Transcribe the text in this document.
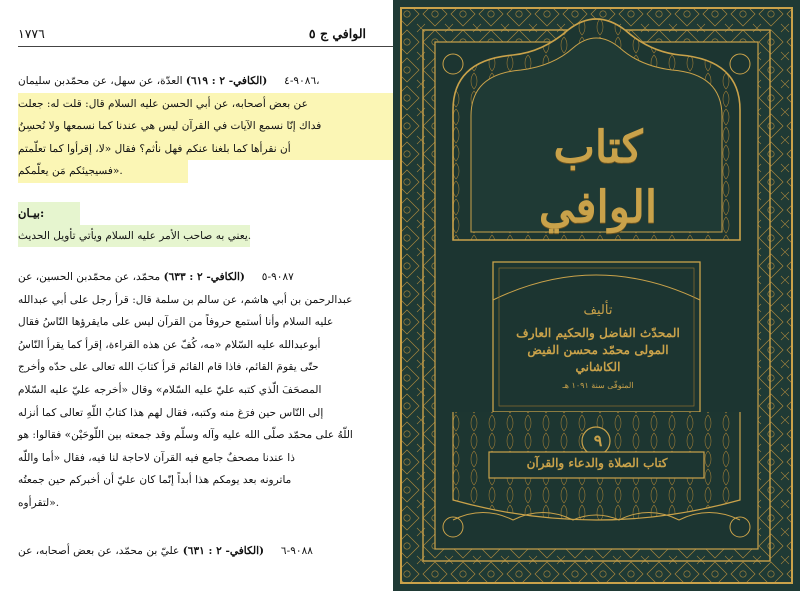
الوافي ج ٥
١٧٧٦
٩٠٨٦-٤     (الكافي- ٢ : ٦١٩) العدّة، عن سهل، عن محمّدبن سليمان،
عن بعض أصحابه، عن أبي الحسن عليه السلام قال: قلت له: جعلت
فداك إنّا نسمع الآيات في القرآن ليس هي عندنا كما نسمعها ولا نُحسِنُ
أن نقرأها كما بلغنا عنكم فهل نأثم؟ فقال «لا، إقرأوا كما تعلّمتم
فسيجيئكم مَن يعلّمكم».
بيـان:
يعني به صاحب الأمر عليه السلام ويأتي تأويل الحديث.
٩٠٨٧-٥     (الكافي- ٢ : ٦٣٣) محمّد، عن محمّدبن الحسين، عن
عبدالرحمن بن أبي هاشم، عن سالم بن سلمة قال: قرأ رجل على أبي عبدالله
عليه السلام وأنا أستمع حروفاً من القرآن ليس على مايقرؤها النّاسُ فقال
أبوعبدالله عليه السّلام «مه، كُفّ عن هذه القراءة، إقرأ كما يقرأ النّاسُ
حتّى يقومَ القائم، فاذا قام القائم قرأ كتابَ الله تعالى على حدّه وأخرج
المصحَفَ الّذي كتبه عليّ عليه السّلام» وقال «أخرجه عليّ عليه السّلام
إلى النّاس حين فرَغ منه وكتبه، فقال لهم هذا كتابُ اللّهِ تعالى كما أنزله
اللّهُ على محمّد صلّى الله عليه وآله وسلّم وقد جمعته بين اللّوحَيْن» فقالوا: هو
ذا عندنا مصحفٌ جامع فيه القرآن لاحاجة لنا فيه، فقال «أما واللّه
ماترونه بعد يومكم هذا أبداً إنّما كان عليّ أن أخبركم حين جمعتُه
لتقرأوه».
٩٠٨٨-٦     (الكافي- ٢ : ٦٣١) عليّ بن محمّد، عن بعض أصحابه، عن
كتاب الوافي
تأليف
المحدّث الفاضل والحكيم العارف
المولى محمّد محسن الفيض الكاشاني
المتوفّى سنة ١٠٩١ هـ
٩
كتاب الصلاة والدعاء والقرآن
